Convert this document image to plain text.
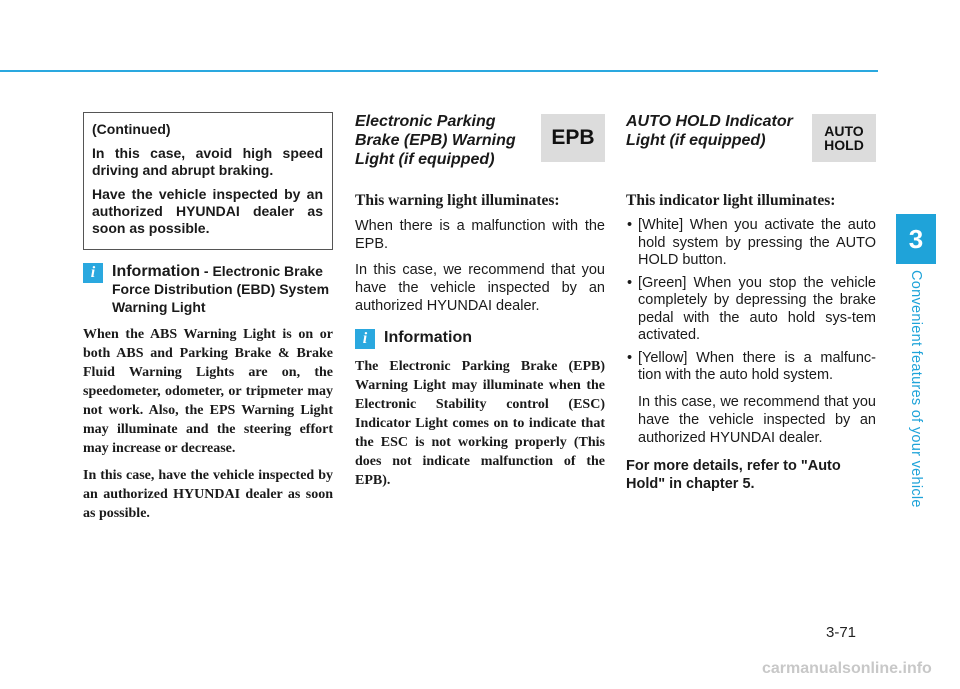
3
Convenient features of your vehicle

(Continued)

In this case, avoid high speed driving and abrupt braking.

Have the vehicle inspected by an authorized HYUNDAI dealer as soon as possible.

i	Information - Electronic Brake Force Distribution (EBD) System Warning Light

When the ABS Warning Light is on or both ABS and Parking Brake & Brake Fluid Warning Lights are on, the speedometer, odometer, or tripmeter may not work. Also, the EPS Warning Light may illuminate and the steering effort may increase or decrease.

In this case, have the vehicle inspected by an authorized HYUNDAI dealer as soon as possible.

Electronic Parking Brake (EPB) Warning Light (if equipped)
EPB

This warning light illuminates:

When there is a malfunction with the EPB.

In this case, we recommend that you have the vehicle inspected by an authorized HYUNDAI dealer.

i	Information

The Electronic Parking Brake (EPB) Warning Light may illuminate when the Electronic Stability control (ESC) Indicator Light comes on to indicate that the ESC is not working properly (This does not indicate malfunction of the EPB).

AUTO HOLD Indicator Light (if equipped)
AUTO
HOLD

This indicator light illuminates:

• [White] When you activate the auto hold system by pressing the AUTO HOLD button.
• [Green] When you stop the vehicle completely by depressing the brake pedal with the auto hold sys-tem activated.
• [Yellow] When there is a malfunc-tion with the auto hold system.

In this case, we recommend that you have the vehicle inspected by an authorized HYUNDAI dealer.

For more details, refer to "Auto Hold" in chapter 5.
3-71
carmanualsonline.info
